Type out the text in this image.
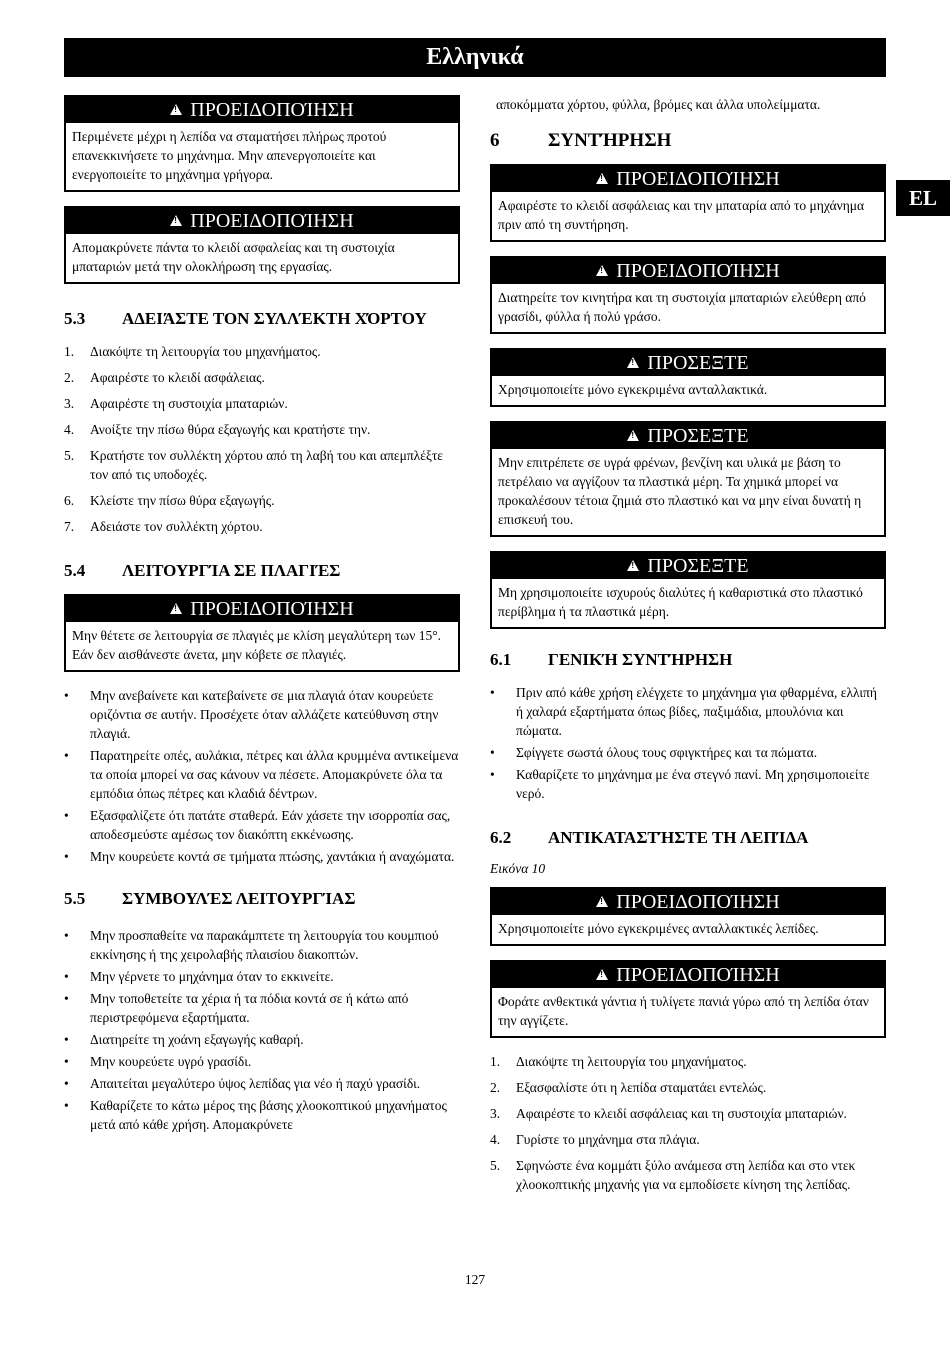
Ελληνικά
EL
!ΠΡΟΕΙΔΟΠΟΊΗΣΗ
Περιμένετε μέχρι η λεπίδα να σταματήσει πλήρως προτού επανεκκινήσετε το μηχάνημα. Μην απενεργοποιείτε και ενεργοποιείτε το μηχάνημα γρήγορα.
!ΠΡΟΕΙΔΟΠΟΊΗΣΗ
Απομακρύνετε πάντα το κλειδί ασφαλείας και τη συστοιχία μπαταριών μετά την ολοκλήρωση της εργασίας.
5.3	ΑΔΕΙΆΣΤΕ ΤΟΝ ΣΥΛΛΈΚΤΗ ΧΌΡΤΟΥ
1.	Διακόψτε τη λειτουργία του μηχανήματος.
2.	Αφαιρέστε το κλειδί ασφάλειας.
3.	Αφαιρέστε τη συστοιχία μπαταριών.
4.	Ανοίξτε την πίσω θύρα εξαγωγής και κρατήστε την.
5.	Κρατήστε τον συλλέκτη χόρτου από τη λαβή του και απεμπλέξτε τον από τις υποδοχές.
6.	Κλείστε την πίσω θύρα εξαγωγής.
7.	Αδειάστε τον συλλέκτη χόρτου.
5.4	ΛΕΙΤΟΥΡΓΊΑ ΣΕ ΠΛΑΓΙΈΣ
!ΠΡΟΕΙΔΟΠΟΊΗΣΗ
Μην θέτετε σε λειτουργία σε πλαγιές με κλίση μεγαλύτερη των 15°. Εάν δεν αισθάνεστε άνετα, μην κόβετε σε πλαγιές.
•	Μην ανεβαίνετε και κατεβαίνετε σε μια πλαγιά όταν κουρεύετε οριζόντια σε αυτήν. Προσέχετε όταν αλλάζετε κατεύθυνση στην πλαγιά.
•	Παρατηρείτε οπές, αυλάκια, πέτρες και άλλα κρυμμένα αντικείμενα τα οποία μπορεί να σας κάνουν να πέσετε. Απομακρύνετε όλα τα εμπόδια όπως πέτρες και κλαδιά δέντρων.
•	Εξασφαλίζετε ότι πατάτε σταθερά. Εάν χάσετε την ισορροπία σας, αποδεσμεύστε αμέσως τον διακόπτη εκκένωσης.
•	Μην κουρεύετε κοντά σε τμήματα πτώσης, χαντάκια ή αναχώματα.
5.5	ΣΥΜΒΟΥΛΈΣ ΛΕΙΤΟΥΡΓΊΑΣ
•	Μην προσπαθείτε να παρακάμπτετε τη λειτουργία του κουμπιού εκκίνησης ή της χειρολαβής πλαισίου διακοπτών.
•	Μην γέρνετε το μηχάνημα όταν το εκκινείτε.
•	Μην τοποθετείτε τα χέρια ή τα πόδια κοντά σε ή κάτω από περιστρεφόμενα εξαρτήματα.
•	Διατηρείτε τη χοάνη εξαγωγής καθαρή.
•	Μην κουρεύετε υγρό γρασίδι.
•	Απαιτείται μεγαλύτερο ύψος λεπίδας για νέο ή παχύ γρασίδι.
•	Καθαρίζετε το κάτω μέρος της βάσης χλοοκοπτικού μηχανήματος μετά από κάθε χρήση. Απομακρύνετε

αποκόμματα χόρτου, φύλλα, βρόμες και άλλα υπολείμματα.

6	ΣΥΝΤΉΡΗΣΗ
!ΠΡΟΕΙΔΟΠΟΊΗΣΗ
Αφαιρέστε το κλειδί ασφάλειας και την μπαταρία από το μηχάνημα πριν από τη συντήρηση.
!ΠΡΟΕΙΔΟΠΟΊΗΣΗ
Διατηρείτε τον κινητήρα και τη συστοιχία μπαταριών ελεύθερη από γρασίδι, φύλλα ή πολύ γράσο.
!ΠΡΟΣΕΞΤΕ
Χρησιμοποιείτε μόνο εγκεκριμένα ανταλλακτικά.
!ΠΡΟΣΕΞΤΕ
Μην επιτρέπετε σε υγρά φρένων, βενζίνη και υλικά με βάση το πετρέλαιο να αγγίζουν τα πλαστικά μέρη. Τα χημικά μπορεί να προκαλέσουν τέτοια ζημιά στο πλαστικό και να μην είναι δυνατή η επισκευή του.
!ΠΡΟΣΕΞΤΕ
Μη χρησιμοποιείτε ισχυρούς διαλύτες ή καθαριστικά στο πλαστικό περίβλημα ή τα πλαστικά μέρη.
6.1	ΓΕΝΙΚΉ ΣΥΝΤΉΡΗΣΗ
•	Πριν από κάθε χρήση ελέγχετε το μηχάνημα για φθαρμένα, ελλιπή ή χαλαρά εξαρτήματα όπως βίδες, παξιμάδια, μπουλόνια και πώματα.
•	Σφίγγετε σωστά όλους τους σφιγκτήρες και τα πώματα.
•	Καθαρίζετε το μηχάνημα με ένα στεγνό πανί. Μη χρησιμοποιείτε νερό.
6.2	ΑΝΤΙΚΑΤΑΣΤΉΣΤΕ ΤΗ ΛΕΠΊΔΑ

Εικόνα 10

!ΠΡΟΕΙΔΟΠΟΊΗΣΗ
Χρησιμοποιείτε μόνο εγκεκριμένες ανταλλακτικές λεπίδες.
!ΠΡΟΕΙΔΟΠΟΊΗΣΗ
Φοράτε ανθεκτικά γάντια ή τυλίγετε πανιά γύρω από τη λεπίδα όταν την αγγίζετε.
1.	Διακόψτε τη λειτουργία του μηχανήματος.
2.	Εξασφαλίστε ότι η λεπίδα σταματάει εντελώς.
3.	Αφαιρέστε το κλειδί ασφάλειας και τη συστοιχία μπαταριών.
4.	Γυρίστε το μηχάνημα στα πλάγια.
5.	Σφηνώστε ένα κομμάτι ξύλο ανάμεσα στη λεπίδα και στο ντεκ χλοοκοπτικής μηχανής για να εμποδίσετε κίνηση της λεπίδας.
127
